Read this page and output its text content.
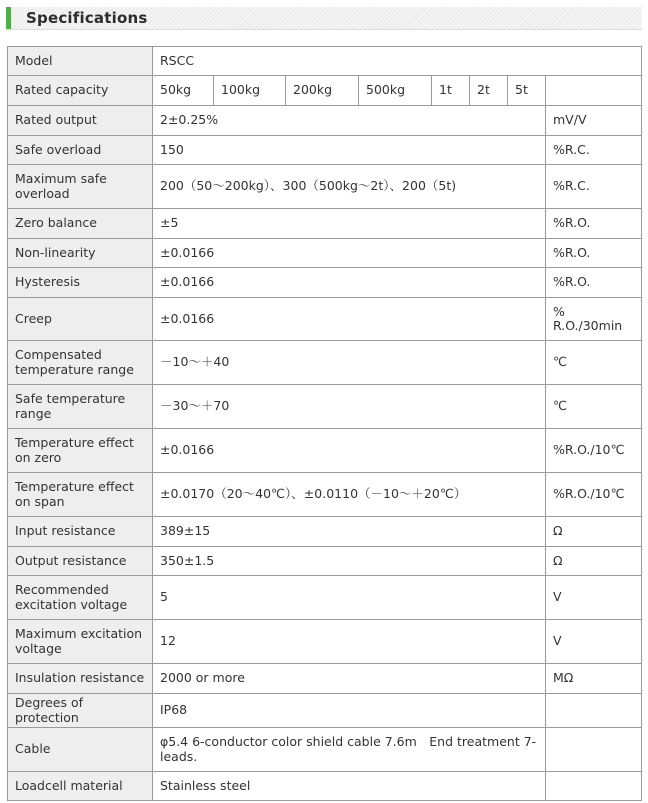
Specifications
Model	RSCC							
Rated capacity	50kg	100kg	200kg	500kg	1t	2t	5t	
Rated output	2±0.25%							mV/V
Safe overload	150							%R.C.
Maximum safe overload	200（50～200kg）、300（500kg～2t）、200（5t)							%R.C.
Zero balance	±5							%R.O.
Non-linearity	±0.0166							%R.O.
Hysteresis	±0.0166							%R.O.
Creep	±0.0166							% R.O./30min
Compensated temperature range	－10～＋40							℃
Safe temperature range	－30～＋70							℃
Temperature effect on zero	±0.0166							%R.O./10℃
Temperature effect on span	±0.0170（20～40℃）、±0.0110（－10～＋20℃）							%R.O./10℃
Input resistance	389±15							Ω
Output resistance	350±1.5							Ω
Recommended excitation voltage	5							V
Maximum excitation voltage	12							V
Insulation resistance	2000 or more							MΩ
Degrees of protection	IP68							
Cable	φ5.4 6-conductor color shield cable 7.6m　End treatment 7-leads.							
Loadcell material	Stainless steel							
